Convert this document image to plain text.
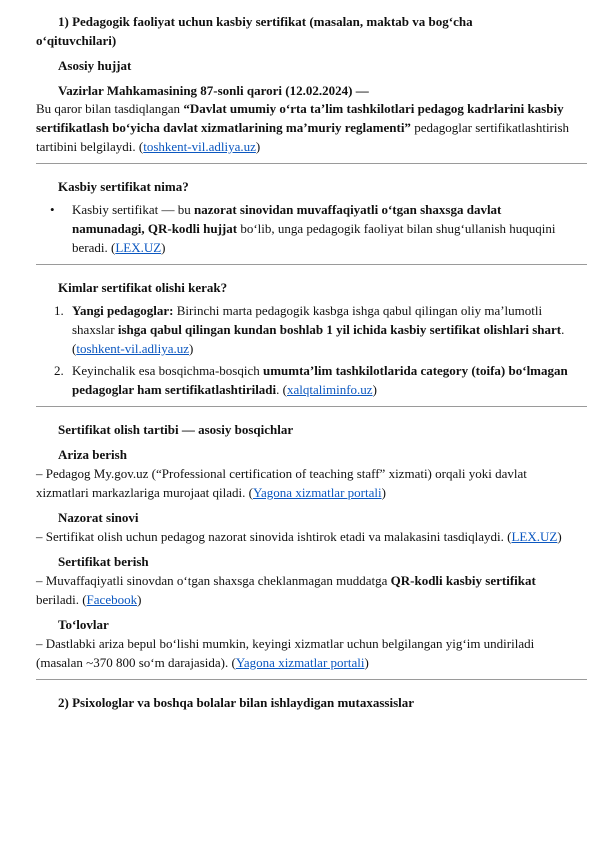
1) Pedagogik faoliyat uchun kasbiy sertifikat (masalan, maktab va bog‘cha
o‘qituvchilari)
Asosiy hujjat
Vazirlar Mahkamasining 87-sonli qarori (12.02.2024) —

Bu qaror bilan tasdiqlangan “Davlat umumiy o‘rta ta’lim tashkilotlari pedagog kadrlarini kasbiy sertifikatlash bo‘yicha davlat xizmatlarining ma’muriy reglamenti” pedagoglar sertifikatlashtirish tartibini belgilaydi. (toshkent-vil.adliya.uz)

Kasbiy sertifikat nima?
• Kasbiy sertifikat — bu nazorat sinovidan muvaffaqiyatli o‘tgan shaxsga davlat namunadagi, QR-kodli hujjat bo‘lib, unga pedagogik faoliyat bilan shug‘ullanish huquqini beradi. (LEX.UZ)
Kimlar sertifikat olishi kerak?
1. Yangi pedagoglar: Birinchi marta pedagogik kasbga ishga qabul qilingan oliy ma’lumotli shaxslar ishga qabul qilingan kundan boshlab 1 yil ichida kasbiy sertifikat olishlari shart. (toshkent-vil.adliya.uz)
2. Keyinchalik esa bosqichma-bosqich umumta’lim tashkilotlarida category (toifa) bo‘lmagan pedagoglar ham sertifikatlashtiriladi. (xalqtaliminfo.uz)
Sertifikat olish tartibi — asosiy bosqichlar
Ariza berish

– Pedagog My.gov.uz (“Professional certification of teaching staff” xizmati) orqali yoki davlat xizmatlari markazlariga murojaat qiladi. (Yagona xizmatlar portali)

Nazorat sinovi

– Sertifikat olish uchun pedagog nazorat sinovida ishtirok etadi va malakasini tasdiqlaydi. (LEX.UZ)

Sertifikat berish

– Muvaffaqiyatli sinovdan o‘tgan shaxsga cheklanmagan muddatga QR-kodli kasbiy sertifikat beriladi. (Facebook)

To‘lovlar

– Dastlabki ariza bepul bo‘lishi mumkin, keyingi xizmatlar uchun belgilangan yig‘im undiriladi (masalan ~370 800 so‘m darajasida). (Yagona xizmatlar portali)

2) Psixologlar va boshqa bolalar bilan ishlaydigan mutaxassislar
